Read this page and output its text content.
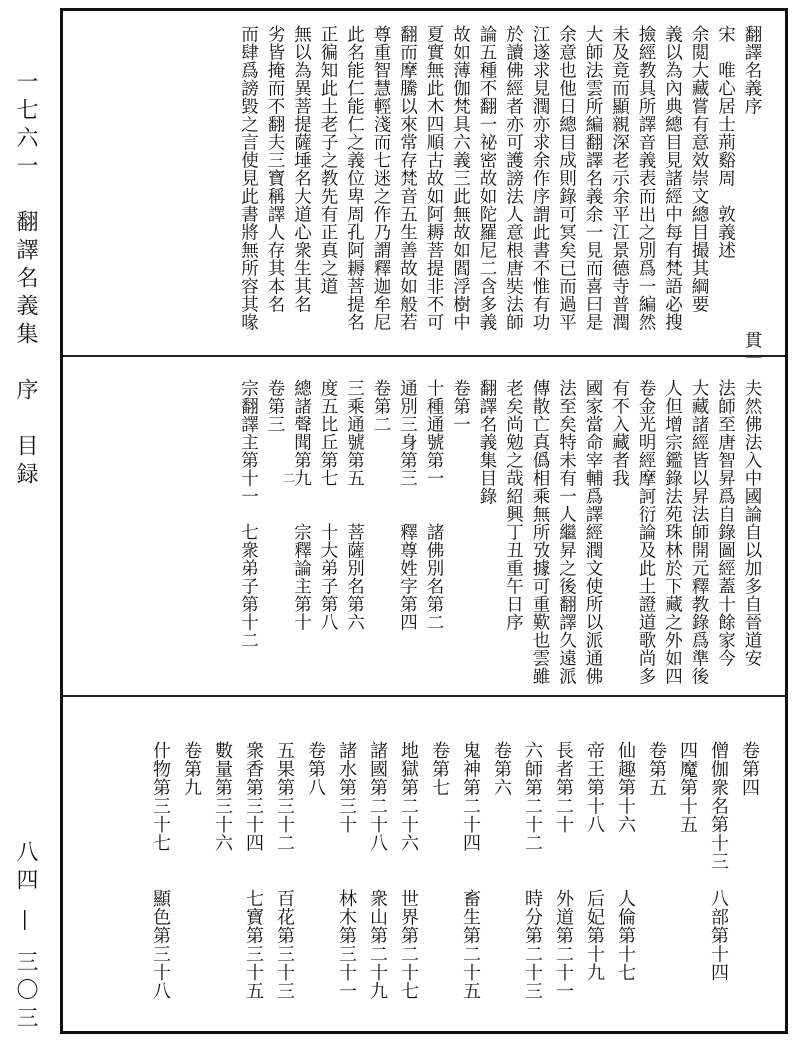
一七六一　翻譯名義集　序　目録
八四 — 三〇三
翻譯名義序　　　　　　　　　　　　貫一
宋　唯心居士荊谿周　敦義述
余閲大藏嘗有意效崇文總目撮其綱要
義以為內典總目見諸經中每有梵語必搜
撿經教具所譯音義表而出之別爲一編然
未及竟而顯親深老示余平江景德寺普潤
大師法雲所編翻譯名義余一見而喜曰是
余意也他日總目成則錄可冥矣已而過平
江遂求見潤亦求余作序謂此書不惟有功
於讀佛經者亦可護謗法人意根唐奘法師
論五種不翻一祕密故如陀羅尼二含多義
故如薄伽梵具六義三此無故如閻浮樹中
夏實無此木四順古故如阿耨菩提非不可
翻而摩騰以來常存梵音五生善故如般若
尊重智慧輕淺而七迷之作乃謂釋迦牟尼
此名能仁能仁之義位卑周孔阿耨菩提名
正徧知此土老子之教先有正真之道
無以為異菩提薩埵名大道心衆生其名
劣皆掩而不翻夫三寶稱譯人存其本名
而肆爲謗毀之言使見此書將無所容其喙
夫然佛法入中國論自以加多自晉道安
法師至唐智昇爲自錄圖經蓋十餘家今
大藏諸經皆以昇法師開元釋教錄爲準後
人但增宗鑑錄法苑珠林於下藏之外如四
卷金光明經摩訶衍論及此土證道歌尚多
有不入藏者我
國家當命宰輔爲譯經潤文使所以派通佛
法至矣特未有一人繼昇之後翻譯久遠派
傳散亡真僞相乘無所攷據可重歎也雲雖
老矣尚勉之哉紹興丁丑重午日序
翻譯名義集目錄
卷第一
十種通號第一　　諸佛別名第二
通別三身第三　　釋尊姓字第四
卷第二
三乘通號第五　　菩薩別名第六
度五比丘第七　　十大弟子第八
總諸聲聞第九　　宗釋論主第十
卷第三
宗翻譯主第十一　七衆弟子第十二 二
卷第四
僧伽衆名第十三　八部第十四
四魔第十五
卷第五
仙趣第十六　　　人倫第十七
帝王第十八　　　后妃第十九
長者第二十　　　外道第二十一
六師第二十二　　時分第二十三
卷第六
鬼神第二十四　　畜生第二十五
卷第七
地獄第二十六　　世界第二十七
諸國第二十八　　衆山第二十九
諸水第三十　　　林木第三十一
卷第八
五果第三十二　　百花第三十三
衆香第三十四　　七寶第三十五
數量第三十六
卷第九
什物第三十七　　顯色第三十八
